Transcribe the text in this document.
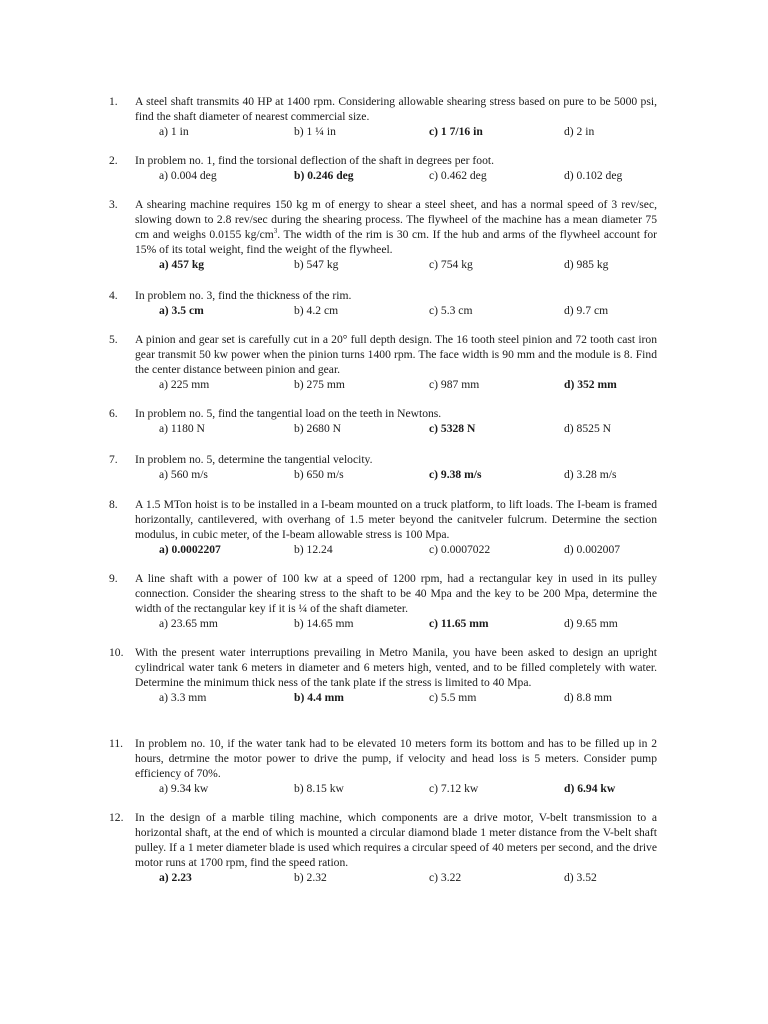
1.	A steel shaft transmits 40 HP at 1400 rpm. Considering allowable shearing stress based on pure to be 5000 psi, find the shaft diameter of nearest commercial size.
a) 1 in	b) 1 ¼ in	c) 1 7/16 in	d) 2 in
2.	In problem no. 1, find the torsional deflection of the shaft in degrees per foot.
a) 0.004 deg	b) 0.246 deg	c) 0.462 deg	d) 0.102 deg
3.	A shearing machine requires 150 kg m of energy to shear a steel sheet, and has a normal speed of 3 rev/sec, slowing down to 2.8 rev/sec during the shearing process. The flywheel of the machine has a mean diameter 75 cm and weighs 0.0155 $kg/cm^3$. The width of the rim is 30 cm. If the hub and arms of the flywheel account for 15% of its total weight, find the weight of the flywheel.
a) 457 kg	b) 547 kg	c) 754 kg	d) 985 kg
4.	In problem no. 3, find the thickness of the rim.
a) 3.5 cm	b) 4.2 cm	c) 5.3 cm	d) 9.7 cm
5.	A pinion and gear set is carefully cut in a 20° full depth design. The 16 tooth steel pinion and 72 tooth cast iron gear transmit 50 kw power when the pinion turns 1400 rpm. The face width is 90 mm and the module is 8. Find the center distance between pinion and gear.
a) 225 mm	b) 275 mm	c) 987 mm	d) 352 mm
6.	In problem no. 5, find the tangential load on the teeth in Newtons.
a) 1180 N	b) 2680 N	c) 5328 N	d) 8525 N
7.	In problem no. 5, determine the tangential velocity.
a) 560 m/s	b) 650 m/s	c) 9.38 m/s	d) 3.28 m/s
8.	A 1.5 MTon hoist is to be installed in a I-beam mounted on a truck platform, to lift loads. The I-beam is framed horizontally, cantilevered, with overhang of 1.5 meter beyond the canitveler fulcrum. Determine the section modulus, in cubic meter, of the I-beam allowable stress is 100 Mpa.
a) 0.0002207	b) 12.24	c) 0.0007022	d) 0.002007
9.	A line shaft with a power of 100 kw at a speed of 1200 rpm, had a rectangular key in used in its pulley connection. Consider the shearing stress to the shaft to be 40 Mpa and the key to be 200 Mpa, determine the width of the rectangular key if it is ¼ of the shaft diameter.
a) 23.65 mm	b) 14.65 mm	c) 11.65 mm	d) 9.65 mm
10. With the present water interruptions prevailing in Metro Manila, you have been asked to design an upright cylindrical water tank 6 meters in diameter and 6 meters high, vented, and to be filled completely with water. Determine the minimum thick ness of the tank plate if the stress is limited to 40 Mpa.
a) 3.3 mm	b) 4.4 mm	c) 5.5 mm	d) 8.8 mm
11.	In problem no. 10, if the water tank had to be elevated 10 meters form its bottom and has to be filled up in 2 hours, detrmine the motor power to drive the pump, if velocity and head loss is 5 meters. Consider pump efficiency of 70%.
a) 9.34 kw	b) 8.15 kw	c) 7.12 kw	d) 6.94 kw
12. In the design of a marble tiling machine, which components are a drive motor, V-belt transmission to a horizontal shaft, at the end of which is mounted a circular diamond blade 1 meter distance from the V-belt shaft pulley. If a 1 meter diameter blade is used which requires a circular speed of 40 meters per second, and the drive motor runs at 1700 rpm, find the speed ration.
a) 2.23	b) 2.32	c) 3.22	d) 3.52
